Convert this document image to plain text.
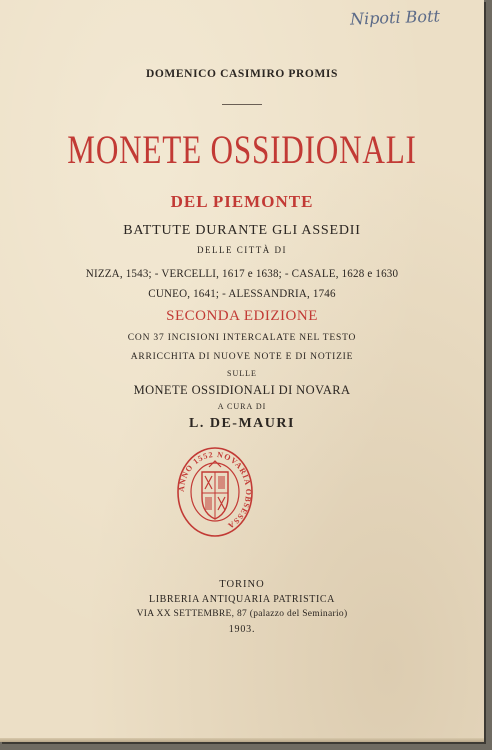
Nipoti Bott
DOMENICO CASIMIRO PROMIS
MONETE OSSIDIONALI
DEL PIEMONTE
BATTUTE DURANTE GLI ASSEDII
DELLE CITTÀ DI
NIZZA, 1543; - VERCELLI, 1617 e 1638; - CASALE, 1628 e 1630
CUNEO, 1641; - ALESSANDRIA, 1746
SECONDA EDIZIONE
CON 37 INCISIONI INTERCALATE NEL TESTO
ARRICCHITA DI NUOVE NOTE E DI NOTIZIE
SULLE
MONETE OSSIDIONALI DI NOVARA
A CURA DI
L. DE-MAURI
ANNO 1552 NOVARIA OBSESSA
TORINO
LIBRERIA ANTIQUARIA PATRISTICA
VIA XX SETTEMBRE, 87 (palazzo del Seminario)
1903.
